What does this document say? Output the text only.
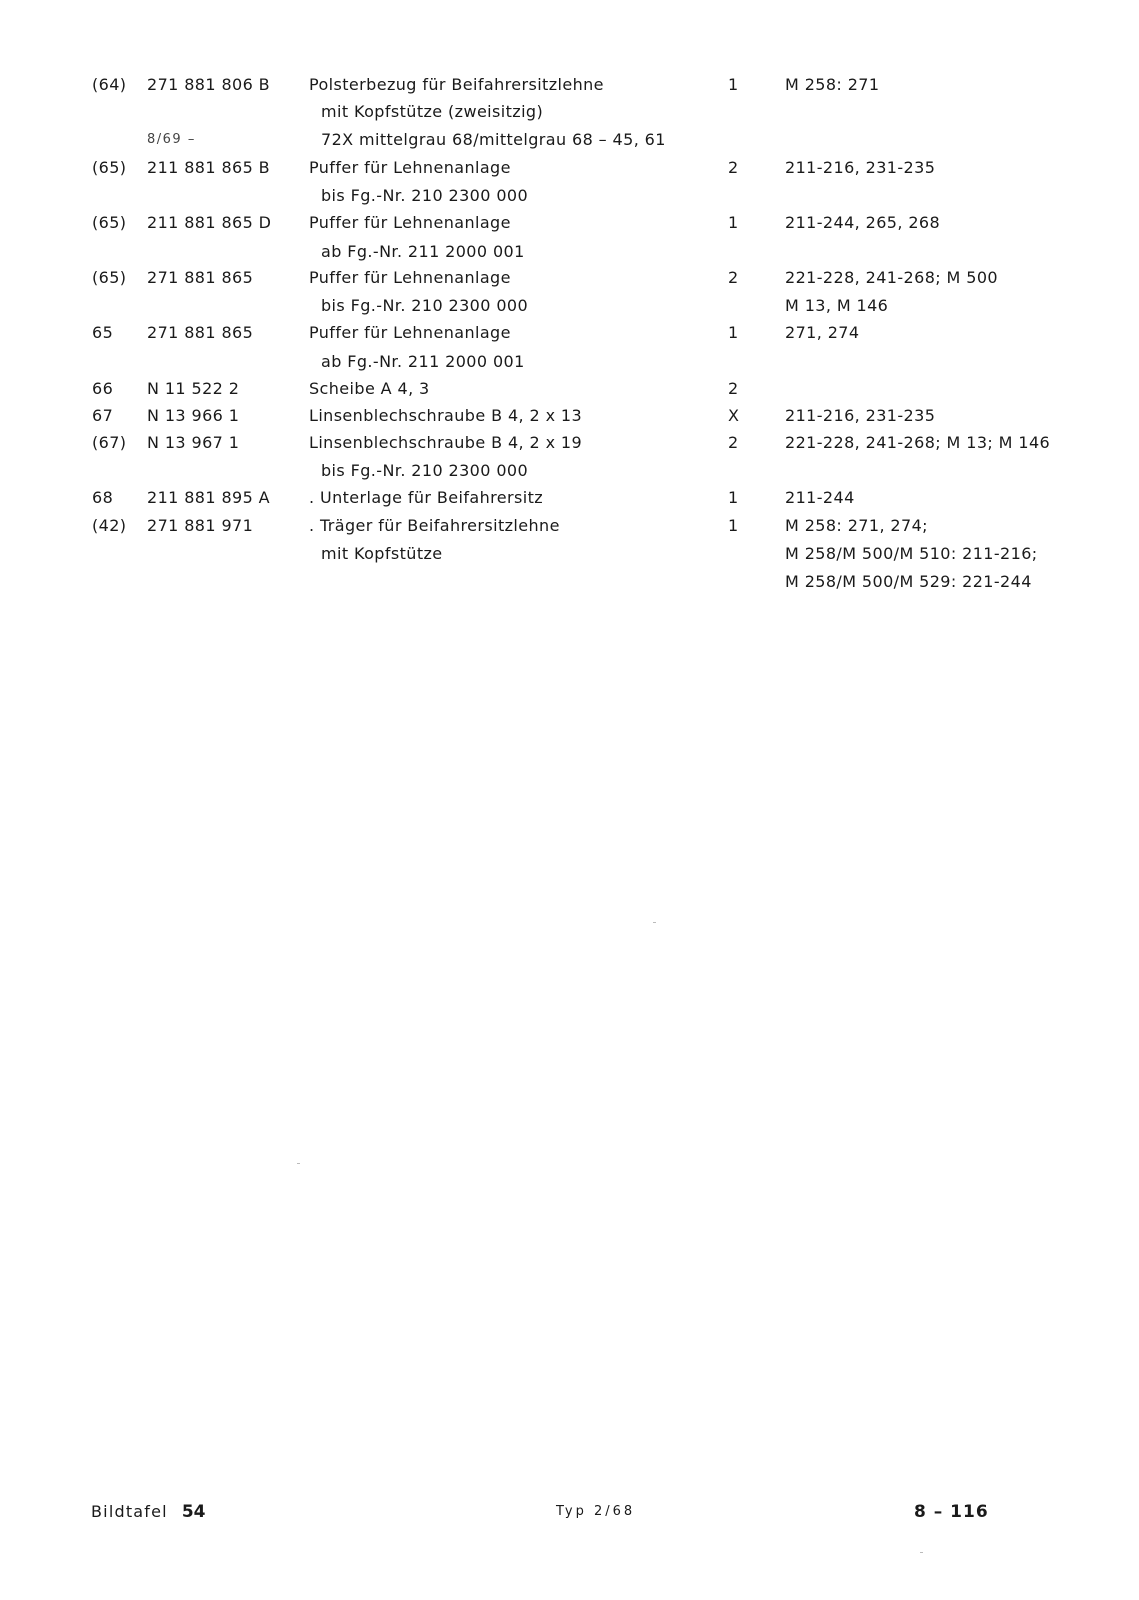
(64) 271 881 806 B Polsterbezug für Beifahrersitzlehne	1	M 258: 271
mit Kopfstütze (zweisitzig)
8/69 –	72X mittelgrau 68/mittelgrau 68 – 45, 61
(65) 211 881 865 B Puffer für Lehnenanlage	2	211-216, 231-235
bis Fg.-Nr. 210 2300 000
(65) 211 881 865 D Puffer für Lehnenanlage	1	211-244, 265, 268
ab Fg.-Nr. 211 2000 001
(65) 271 881 865	Puffer für Lehnenanlage	2	221-228, 241-268; M 500
bis Fg.-Nr. 210 2300 000	M 13, M 146
65 271 881 865	Puffer für Lehnenanlage	1	271, 274
ab Fg.-Nr. 211 2000 001
66 N 11 522 2	Scheibe A 4, 3	2
67 N 13 966 1	Linsenblechschraube B 4, 2 x 13	X	211-216, 231-235
(67) N 13 967 1	Linsenblechschraube B 4, 2 x 19	2	221-228, 241-268; M 13; M 146
bis Fg.-Nr. 210 2300 000
68 211 881 895 A . Unterlage für Beifahrersitz	1	211-244
(42) 271 881 971	. Träger für Beifahrersitzlehne	1	M 258: 271, 274;
mit Kopfstütze	M 258/M 500/M 510: 211-216;
M 258/M 500/M 529: 221-244
Bildtafel 54	Typ 2/68	8 – 116
